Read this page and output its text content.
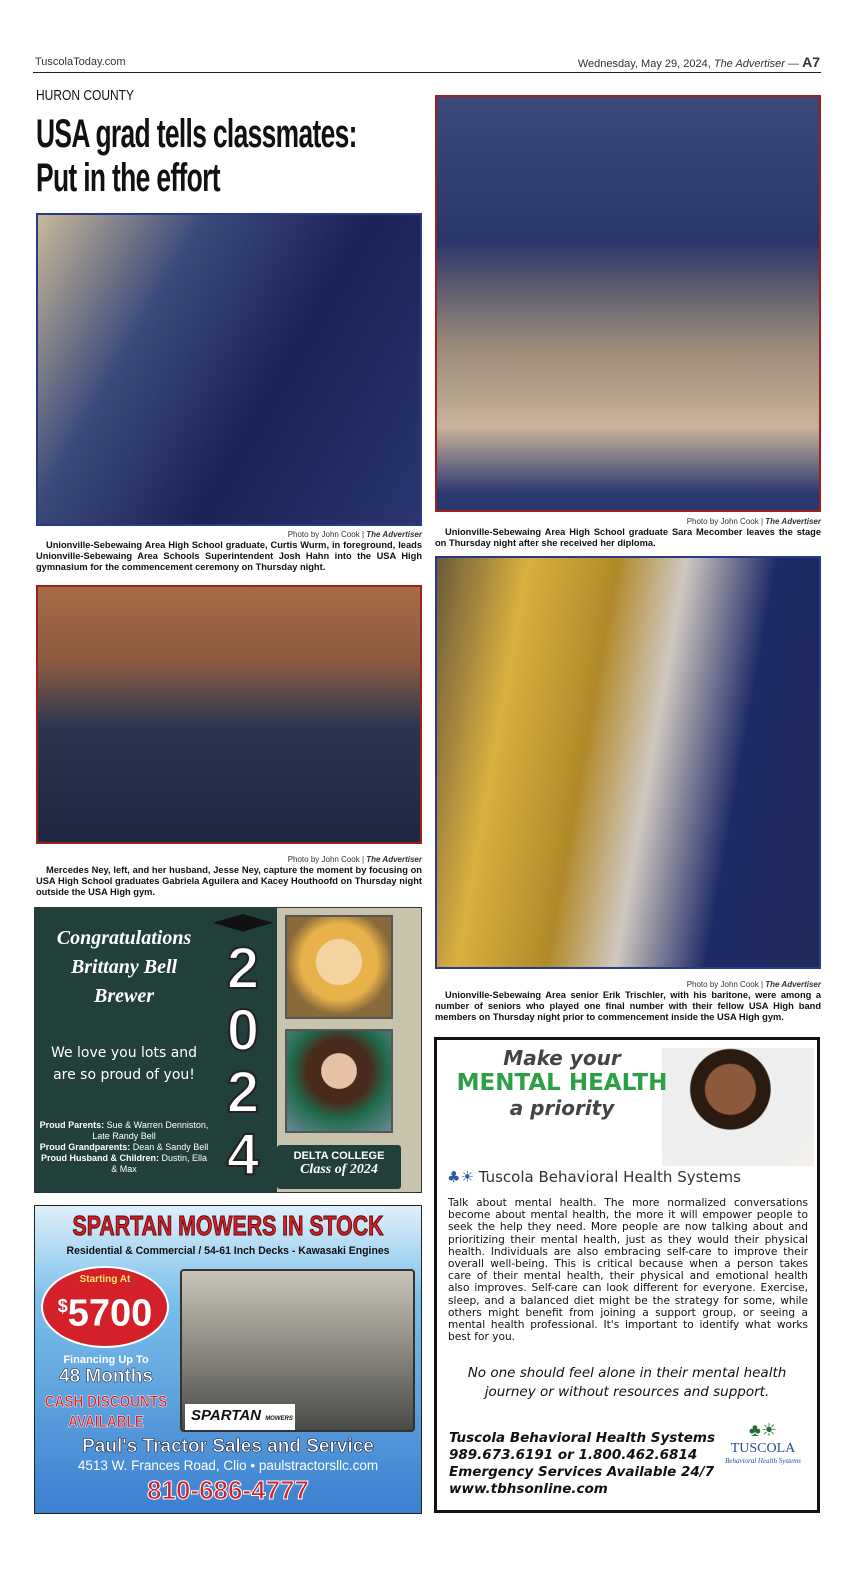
TuscolaToday.com	Wednesday, May 29, 2024, The Advertiser — A7
HURON COUNTY
USA grad tells classmates:
Put in the effort
Photo by John Cook | The Advertiser
Unionville-Sebewaing Area High School graduate, Curtis Wurm, in foreground, leads Unionville-Sebewaing Area Schools Superintendent Josh Hahn into the USA High gymnasium for the commencement ceremony on Thursday night.
Photo by John Cook | The Advertiser
Mercedes Ney, left, and her husband, Jesse Ney, capture the moment by focusing on USA High School graduates Gabriela Aguilera and Kacey Houthoofd on Thursday night outside the USA High gym.
Congratulations
Brittany Bell
Brewer
We love you lots and are so proud of you!
Proud Parents: Sue & Warren Denniston, Late Randy Bell
Proud Grandparents: Dean & Sandy Bell
Proud Husband & Children: Dustin, Ella & Max
2024	DELTA COLLEGE
Class of 2024
SPARTAN MOWERS IN STOCK
Residential & Commercial / 54-61 Inch Decks - Kawasaki Engines
Starting At
$5700
Financing Up To
48 Months
CASH DISCOUNTS
AVAILABLE	SPARTAN MOWERS
Paul's Tractor Sales and Service
4513 W. Frances Road, Clio • paulstractorsllc.com
810-686-4777
Photo by John Cook | The Advertiser
Unionville-Sebewaing Area High School graduate Sara Mecomber leaves the stage on Thursday night after she received her diploma.
Photo by John Cook | The Advertiser
Unionville-Sebewaing Area senior Erik Trischler, with his baritone, were among a number of seniors who played one final number with their fellow USA High band members on Thursday night prior to commencement inside the USA High gym.
Make your
MENTAL HEALTH
a priority
♣☀ Tuscola Behavioral Health Systems
Talk about mental health. The more normalized conversations become about mental health, the more it will empower people to seek the help they need. More people are now talking about and prioritizing their mental health, just as they would their physical health. Individuals are also embracing self-care to improve their overall well-being. This is critical because when a person takes care of their mental health, their physical and emotional health also improves. Self-care can look different for everyone. Exercise, sleep, and a balanced diet might be the strategy for some, while others might benefit from joining a support group, or seeing a mental health professional. It's important to identify what works best for you.
No one should feel alone in their mental health journey or without resources and support.
Tuscola Behavioral Health Systems
989.673.6191 or 1.800.462.6814
Emergency Services Available 24/7
www.tbhsonline.com
♣☀
TUSCOLA
Behavioral Health Systems
